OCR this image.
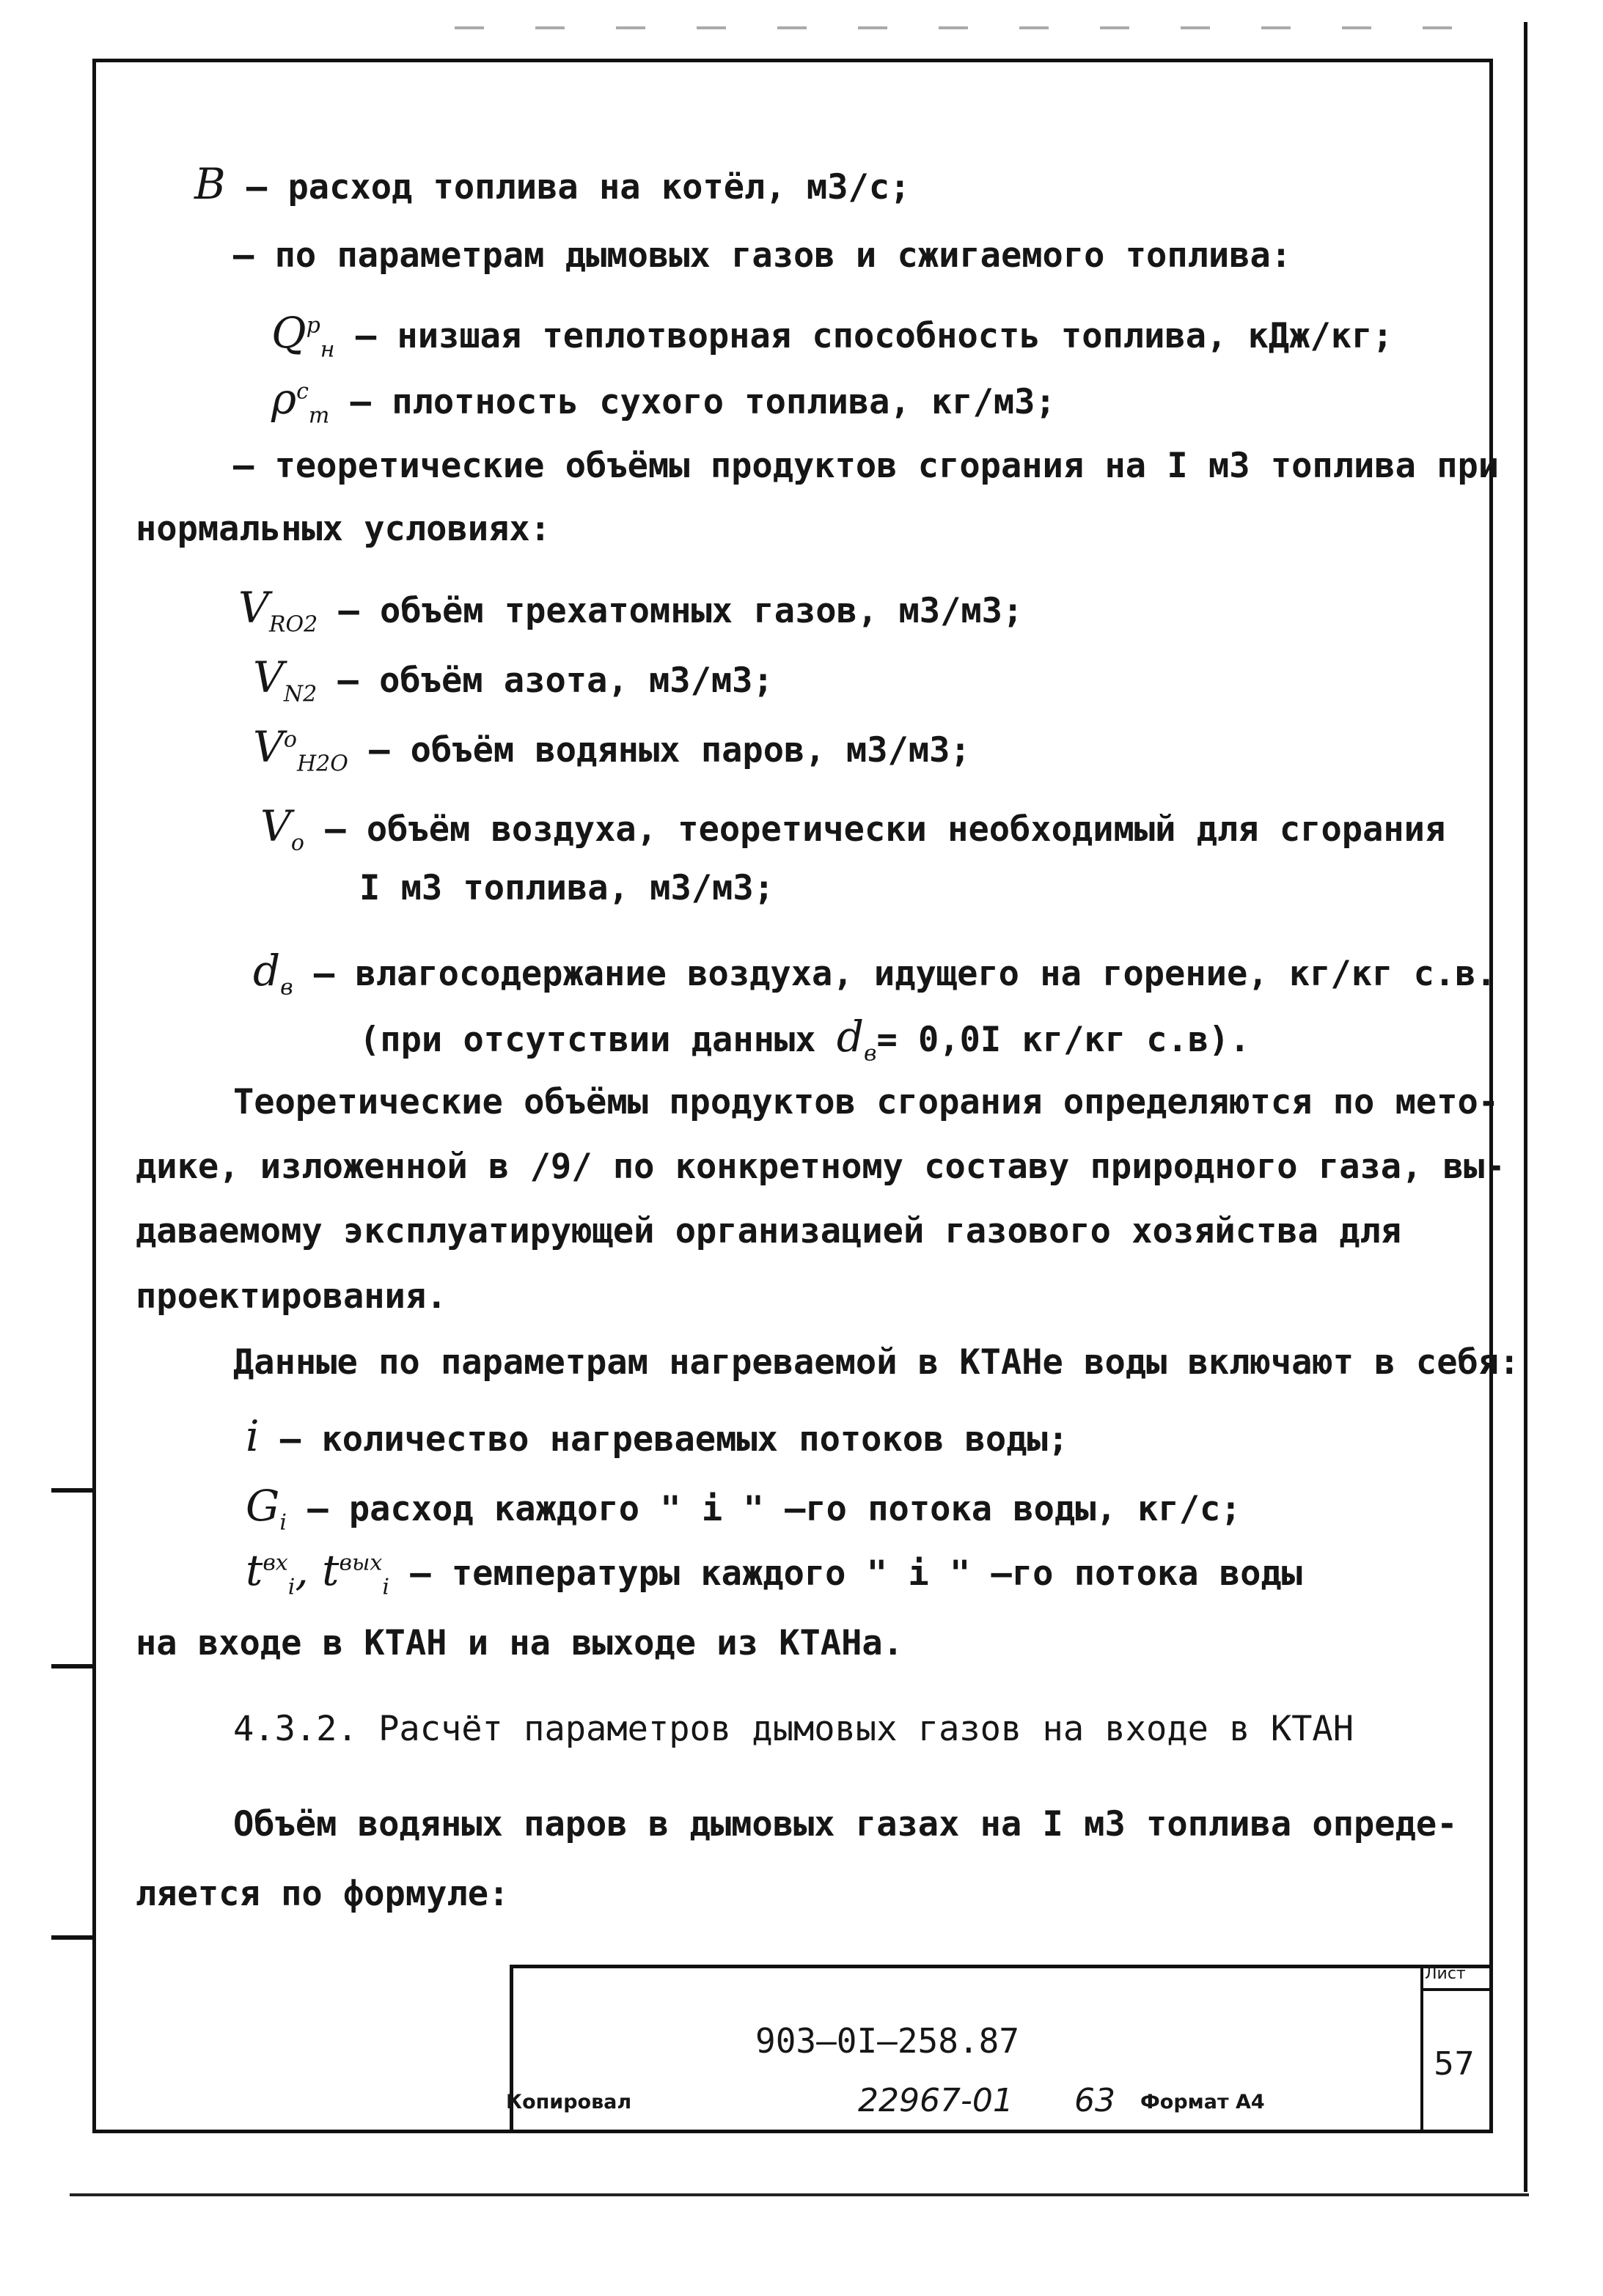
B – расход топлива на котёл, м3/с;
– по параметрам дымовых газов и сжигаемого топлива:
$Q^р_н$ – низшая теплотворная способность топлива, кДж/кг;
$\rho^c_т$ – плотность сухого топлива, кг/м3;
– теоретические объёмы продуктов сгорания на I м3 топлива при
нормальных условиях:
$V_{RO2}$ – объём трехатомных газов, м3/м3;
$V_{N2}$ – объём азота, м3/м3;
$V^o_{H2O}$ – объём водяных паров, м3/м3;
$V_o$ – объём воздуха, теоретически необходимый для сгорания
I м3 топлива, м3/м3;
$d_в$ – влагосодержание воздуха, идущего на горение, кг/кг с.в.
(при отсутствии данных $d_в= 0,0I$ кг/кг с.в).
Теоретические объёмы продуктов сгорания определяются по мето-
дике, изложенной в /9/ по конкретному составу природного газа, вы-
даваемому эксплуатирующей организацией газового хозяйства для
проектирования.
Данные по параметрам нагреваемой в КТАНе воды включают в себя:
i – количество нагреваемых потоков воды;
$G_i$ – расход каждого " i " –го потока воды, кг/с;
$t^{вх}_i$, $t^{вых}_i$ – температуры каждого " i " –го потока воды
на входе в КТАН и на выходе из КТАНа.
4.3.2. Расчёт параметров дымовых газов на входе в КТАН
Объём водяных паров в дымовых газах на I м3 топлива опреде-
ляется по формуле:
903–0I–258.87
Лист
57
Копировал	22967-01 63 Формат А4
